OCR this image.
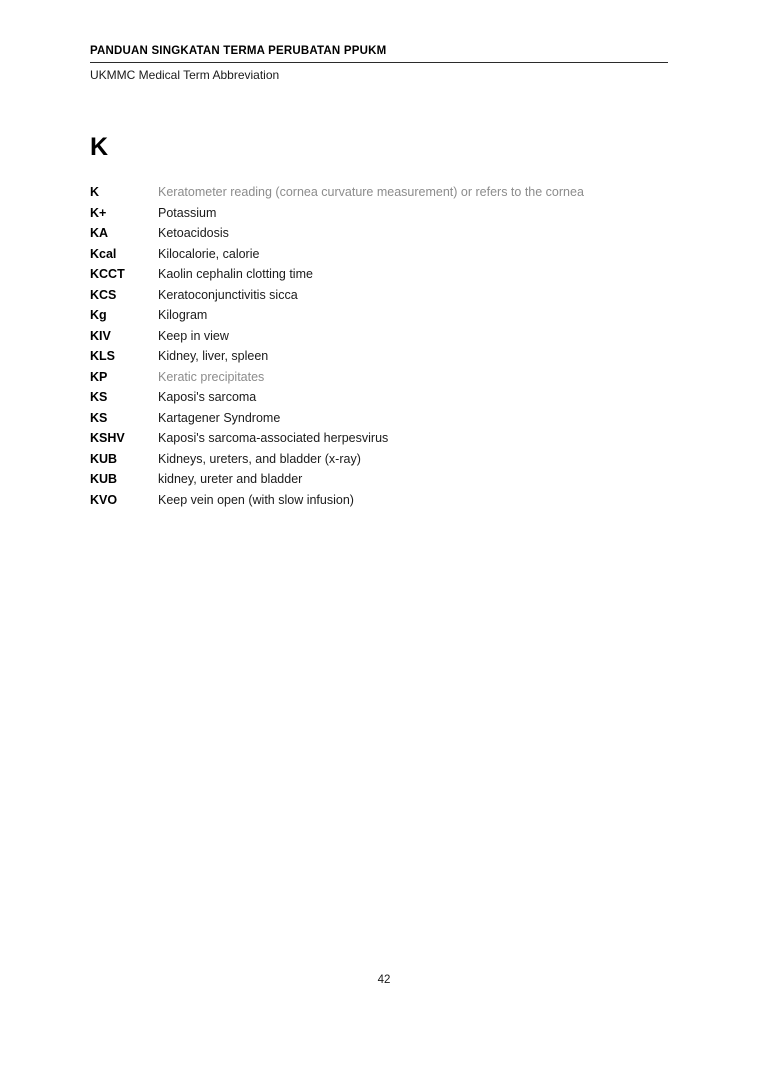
PANDUAN SINGKATAN TERMA PERUBATAN PPUKM
UKMMC Medical Term Abbreviation
K
K	Keratometer reading (cornea curvature measurement) or refers to the cornea
K+	Potassium
KA	Ketoacidosis
Kcal	Kilocalorie, calorie
KCCT	Kaolin cephalin clotting time
KCS	Keratoconjunctivitis sicca
Kg	Kilogram
KIV	Keep in view
KLS	Kidney, liver, spleen
KP	Keratic precipitates
KS	Kaposi's sarcoma
KS	Kartagener Syndrome
KSHV	Kaposi's sarcoma-associated herpesvirus
KUB	Kidneys, ureters, and bladder (x-ray)
KUB	kidney, ureter and bladder
KVO	Keep vein open (with slow infusion)
42
